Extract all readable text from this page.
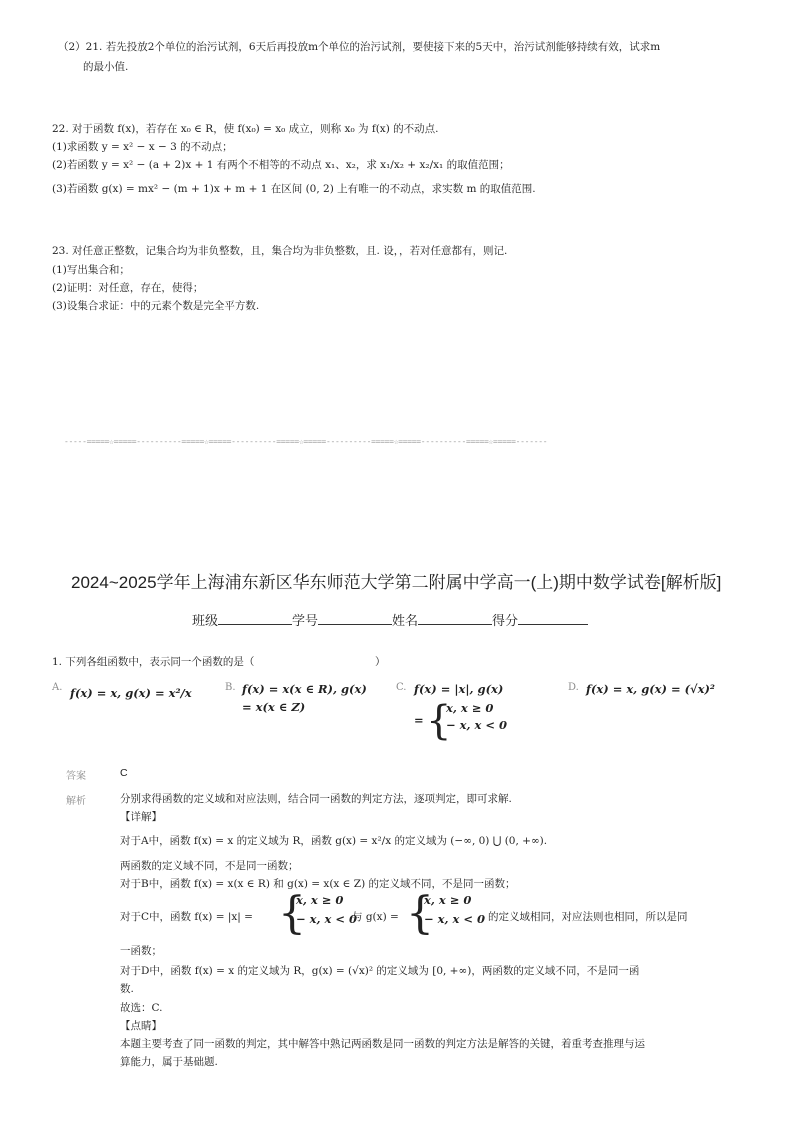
（2）21. 若先投放2个单位的治污试剂，6天后再投放m个单位的治污试剂，要使接下来的5天中，治污试剂能够持续有效，试求m
的最小值.
22. 对于函数 f(x)，若存在 x₀ ∈ R，使 f(x₀) = x₀ 成立，则称 x₀ 为 f(x) 的不动点.
(1)求函数 y = x² − x − 3 的不动点；
(2)若函数 y = x² − (a + 2)x + 1 有两个不相等的不动点 x₁、x₂，求 x₁/x₂ + x₂/x₁ 的取值范围；
(3)若函数 g(x) = mx² − (m + 1)x + m + 1 在区间 (0, 2) 上有唯一的不动点，求实数 m 的取值范围.
23. 对任意正整数，记集合均为非负整数，且，集合均为非负整数，且. 设，，若对任意都有，则记.
(1)写出集合和；
(2)证明：对任意，存在，使得；
(3)设集合求证：中的元素个数是完全平方数.
-----=====☆=====----------=====☆=====----------=====☆=====----------=====☆=====----------=====☆=====-------
2024~2025学年上海浦东新区华东师范大学第二附属中学高一(上)期中数学试卷[解析版]
班级	学号	姓名	得分
1. 下列各组函数中，表示同一个函数的是（	）
A. f(x) = x, g(x) = x²/x	B. f(x) = x(x ∈ R), g(x)
= x(x ∈ Z)
C. f(x) = |x|, g(x)
= {
x, x ≥ 0
− x, x < 0
D. f(x) = x, g(x) = (√x)²
答案	C
解析	分别求得函数的定义域和对应法则，结合同一函数的判定方法，逐项判定，即可求解.
【详解】
对于A中，函数 f(x) = x 的定义域为 R，函数 g(x) = x²/x 的定义域为 (−∞, 0) ⋃ (0, +∞).
两函数的定义域不同，不是同一函数；
对于B中，函数 f(x) = x(x ∈ R) 和 g(x) = x(x ∈ Z) 的定义域不同，不是同一函数；
对于C中，函数 f(x) = |x| = {
x, x ≥ 0
− x, x < 0
与 g(x) = {
x, x ≥ 0
− x, x < 0 的定义域相同，对应法则也相同，所以是同
一函数；
对于D中，函数 f(x) = x 的定义域为 R，g(x) = (√x)² 的定义域为 [0, +∞)，两函数的定义域不同，不是同一函
数.
故选：C.
【点睛】
本题主要考查了同一函数的判定，其中解答中熟记两函数是同一函数的判定方法是解答的关键，着重考查推理与运
算能力，属于基础题.
